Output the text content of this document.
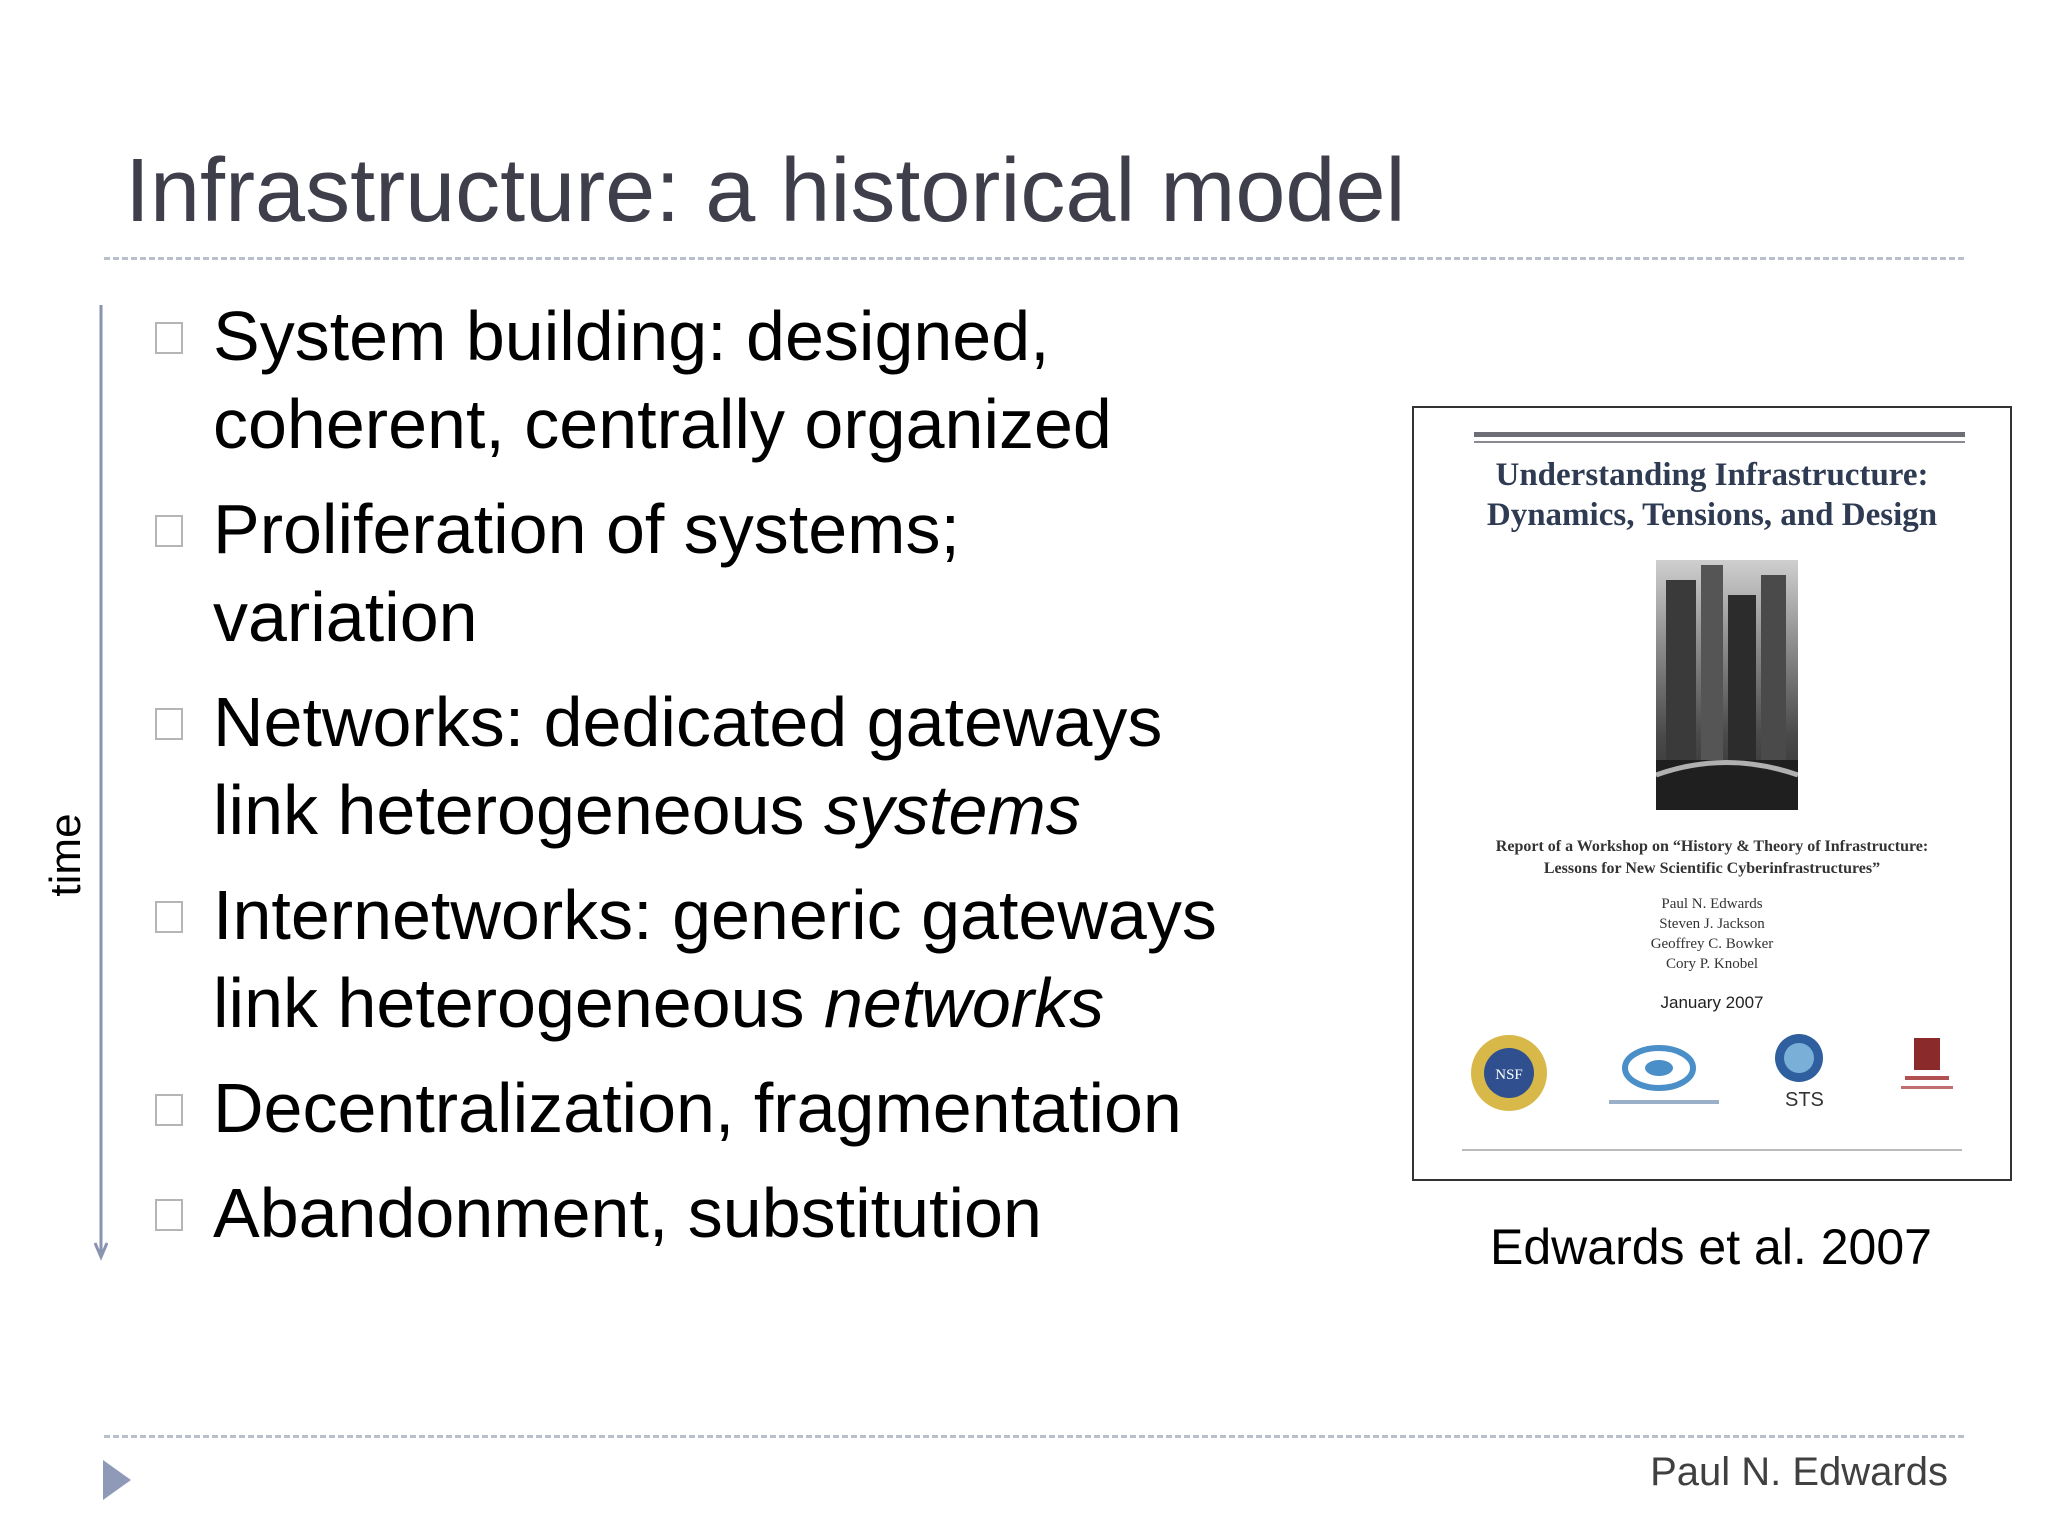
Infrastructure: a historical model
time
System building: designed,
coherent, centrally organized
Proliferation of systems;
variation
Networks: dedicated gateways
link heterogeneous systems
Internetworks: generic gateways
link heterogeneous networks
Decentralization, fragmentation
Abandonment, substitution
Understanding Infrastructure:
Dynamics, Tensions, and Design
Report of a Workshop on “History & Theory of Infrastructure:
Lessons for New Scientific Cyberinfrastructures”
Paul N. Edwards
Steven J. Jackson
Geoffrey C. Bowker
Cory P. Knobel
January 2007
NSF
STS
Edwards et al. 2007
Paul N. Edwards
